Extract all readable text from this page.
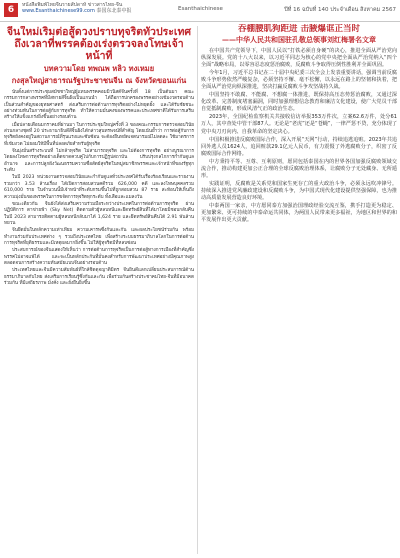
6	หนังสือพิมพ์ไทยจีนรายสัปดาห์ ข่าวสารไทย-จีน
www.Esanthaichinese99.com 泰国东北泰中报	Esanthaichinese	ปีที่ 16 ฉบับที่ 140 ประจำเดือน สิงหาคม 2567
จีนใหม่เริ่มต่อสู้ดวงปราบทุจริตทั่วประเทศ
ถึงเวลาที่พรรคต้องเร่งตรวจลงโทษเจ้าหน้าที่
บทความโดย ทพณพ หลิว ทงเหมย
กงสุลใหญ่สาธารณรัฐประชาชนจีน ณ จังหวัดขอนแก่น

นับตั้งแต่การประชุมสมัชชาใหญ่ผู้แทนพรรคคอมมิวนิสต์จีนครั้งที่ 18 เป็นต้นมา คณะกรรมการกลางพรรคที่มีสหายสีจิ้นผิงเป็นแกนนำ ได้ถือการปกครองพรรคอย่างเข้มงวดรอบด้านเป็นส่วนสำคัญของยุทธศาสตร์ ส่งเสริมการต่อต้านการทุจริตอย่างไม่หยุดยั้ง และได้รับชัยชนะอย่างท่วมท้นในการต่อสู้กับการทุจริต ทำให้ความมั่นคงของพรรคและประเทศชาติได้รับการเสริมสร้างให้แข็งแกร่งยิ่งขึ้นอย่างรอบด้าน

เมื่อปลายเดือนมกราคมที่ผ่านมา ในการประชุมใหญ่ครั้งที่ 3 ของคณะกรรมการตรวจสอบวินัยส่วนกลางชุดที่ 20 ประธานาธิบดีสีจิ้นผิงได้กล่าวสุนทรพจน์ที่สำคัญ โดยเน้นย้ำว่า การต่อสู้กับการทุจริตยังคงอยู่ในสถานการณ์ที่รุนแรงและซับซ้อน จะต้องยืนหยัดเจตนารมณ์ไม่ลดละ ใช้มาตรการที่เข้มงวด ไม่ยอมให้มีพื้นที่ปลอดภัยสำหรับผู้ทุจริต

จีนมุ่งมั่นสร้างระบบที่ ไม่กล้าทุจริต ไม่สามารถทุจริต และไม่ต้องการทุจริต อย่างบูรณาการ โดยลงโทษการทุจริตอย่างเด็ดขาดควบคู่ไปกับการปฏิรูปสถาบัน ปรับปรุงกลไกการกำกับดูแลอำนาจ และการปลูกฝังวัฒนธรรมความซื่อสัตย์สุจริตในหมู่สมาชิกพรรคและเจ้าหน้าที่ของรัฐทุกระดับ

ในปี 2023 หน่วยงานตรวจสอบวินัยและกำกับดูแลทั่วประเทศได้รับเรื่องร้องเรียนและรายงานรวมกว่า 3.53 ล้านเรื่อง ได้เปิดการสอบสวนคดีรวม 626,000 คดี และลงโทษบุคคลรวม 610,000 ราย ในจำนวนนี้มีเจ้าหน้าที่ระดับกรมขึ้นไปที่ถูกสอบสวน 87 ราย สะท้อนให้เห็นถึงความมุ่งมั่นของพรรคในการขจัดการทุจริตทุกระดับ ทั้งเสือและแมลงวัน

ขณะเดียวกัน จีนยังได้ส่งเสริมความร่วมมือระหว่างประเทศในการต่อต้านการทุจริต ผ่านปฏิบัติการ ตาข่ายฟ้า (Sky Net) ติดตามตัวผู้หลบหนีและยึดทรัพย์สินที่ได้มาโดยมิชอบกลับคืน ในปี 2023 สามารถติดตามผู้หลบหนีกลับมาได้ 1,624 ราย และยึดทรัพย์สินคืนได้ 2.91 พันล้านหยวน

จีนยึดมั่นในหลักความเท่าเทียม ความเคารพซึ่งกันและกัน และผลประโยชน์ร่วมกัน พร้อมทำงานร่วมกับประเทศต่าง ๆ รวมถึงประเทศไทย เพื่อสร้างระบบธรรมาภิบาลโลกในการต่อต้านการทุจริตที่ยุติธรรมและมีเหตุผลมากยิ่งขึ้น ไม่ให้ผู้ทุจริตมีที่หลบซ่อน

ประสบการณ์ของจีนแสดงให้เห็นว่า การต่อต้านการทุจริตเป็นการต่อสู้ทางการเมืองที่สำคัญซึ่งพรรคไม่อาจแพ้ได้ และจะเป็นหลักประกันที่มั่นคงสำหรับการพัฒนาประเทศอย่างมีคุณภาพสูง ตลอดจนการสร้างความทันสมัยแบบจีนอย่างรอบด้าน

ประเทศไทยและจีนมีความสัมพันธ์ที่ใกล้ชิดดุจญาติมิตร จีนยินดีแลกเปลี่ยนประสบการณ์ด้านธรรมาภิบาลกับไทย ส่งเสริมการเรียนรู้ซึ่งกันและกัน เพื่อร่วมกันสร้างประชาคมไทย-จีนที่มีอนาคตร่วมกัน ที่มีเสถียรภาพ มั่งคั่ง และยั่งยืนยิ่งขึ้น

吞棚腰肌狗距进 击腋爆诓正当时
——中华人民共和国驻孔敬总领事刘红梅署名文章

在中国共产党领导下，中国人民以“打铁必须自身硬”的决心，推进全面从严治党向纵深发展。党的十八大以来，以习近平同志为核心的党中央把全面从严治党纳入“四个全面”战略布局，以零容忍态度惩治腐败，反腐败斗争取得压倒性胜利并全面巩固。

今年1月，习近平总书记在二十届中央纪委三次全会上发表重要讲话，强调当前反腐败斗争形势依然严峻复杂，必须坚持不懈、毫不松懈，以永远在路上的坚韧和执着，把全面从严治党向纵深推进，坚决打赢反腐败斗争攻坚战持久战。

中国坚持不敢腐、不能腐、不想腐一体推进，既保持高压态势惩治腐败，又通过深化改革、完善制度堵塞漏洞，同时加强理想信念教育和廉洁文化建设，使广大党员干部自觉抵制腐败，形成风清气正的政治生态。

2023年，全国纪检监察机关共接收信访举报353万件次，立案62.6万件，处分61万人，其中查处中管干部87人。无论是“老虎”还是“苍蝇”，一律严惩不贷，充分体现了党中央刀刃向内、自我革命的坚定决心。

中国积极推进反腐败国际合作，深入开展“天网”行动，持续追逃追赃。2023年共追回外逃人员1624人，追回赃款29.1亿元人民币，有力震慑了外逃腐败分子，织密了反腐败国际合作网络。

中方秉持平等、互尊、互利原则，愿同包括泰国在内的世界各国加强反腐败领域交流合作，推动构建更加公正合理的全球反腐败治理体系，让腐败分子无处藏身、无所遁形。

实践证明，反腐败是关系党和国家生死存亡的重大政治斗争，必须永远吹冲锋号。持续深入推进党风廉政建设和反腐败斗争，为中国式现代化建设提供坚强保障，也为推动高质量发展营造良好环境。

中泰两国一家亲，中方愿同泰方加强治国理政经验交流互鉴，携手打造更为稳定、更加繁荣、更可持续的中泰命运共同体，为两国人民带来更多福祉，为地区和世界的和平发展作出更大贡献。
